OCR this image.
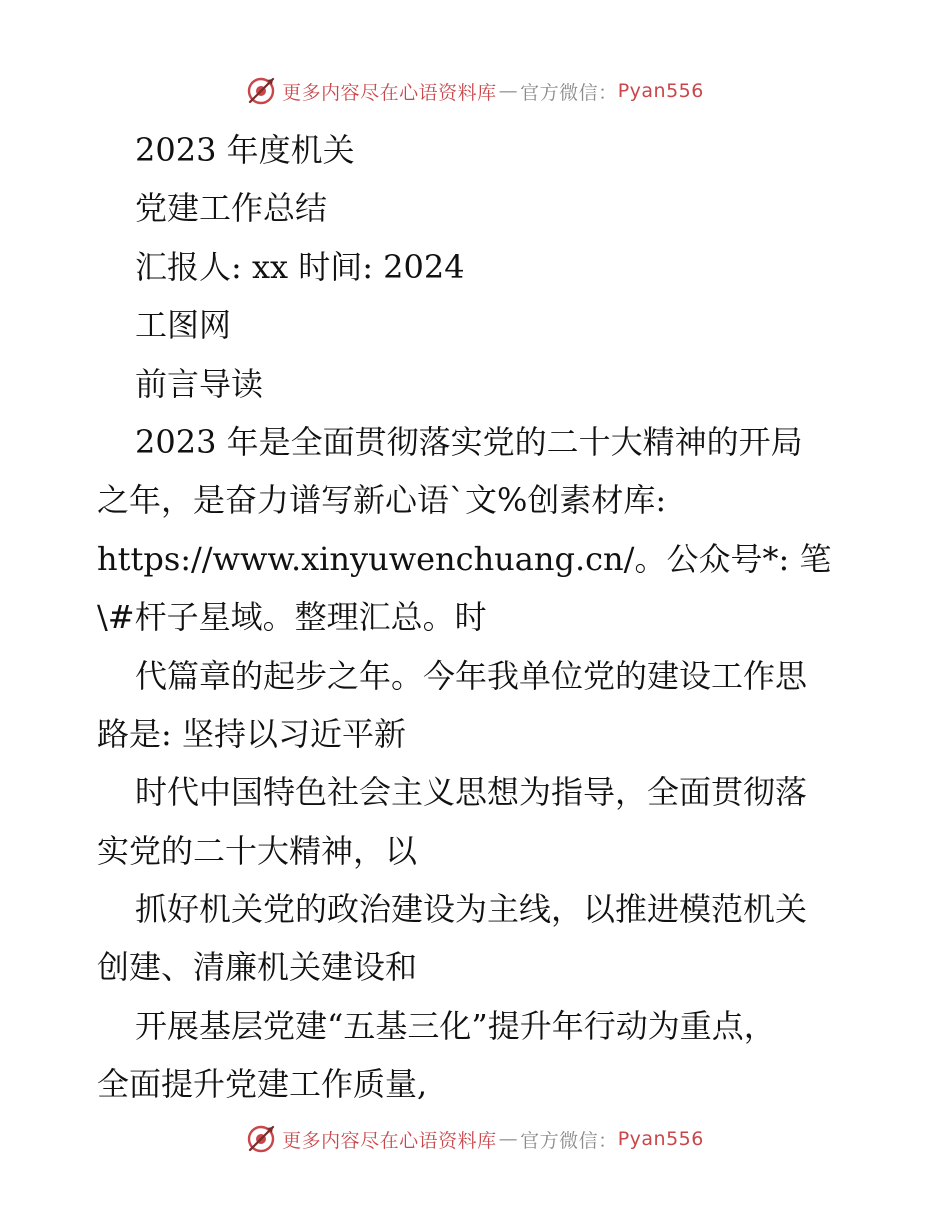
更多内容尽在心语资料库 — 官方微信： Pyan556
2023 年度机关
党建工作总结
汇报人: xx 时间: 2024
工图网
前言导读
2023 年是全面贯彻落实党的二十大精神的开局
之年，是奋力谱写新心语`文%创素材库:
https://www.xinyuwenchuang.cn/。公众号*: 笔
\#杆子星域。整理汇总。时
代篇章的起步之年。今年我单位党的建设工作思
路是: 坚持以习近平新
时代中国特色社会主义思想为指导，全面贯彻落
实党的二十大精神，以
抓好机关党的政治建设为主线，以推进模范机关
创建、清廉机关建设和
开展基层党建“五基三化”提升年行动为重点，
全面提升党建工作质量,
更多内容尽在心语资料库 — 官方微信： Pyan556
